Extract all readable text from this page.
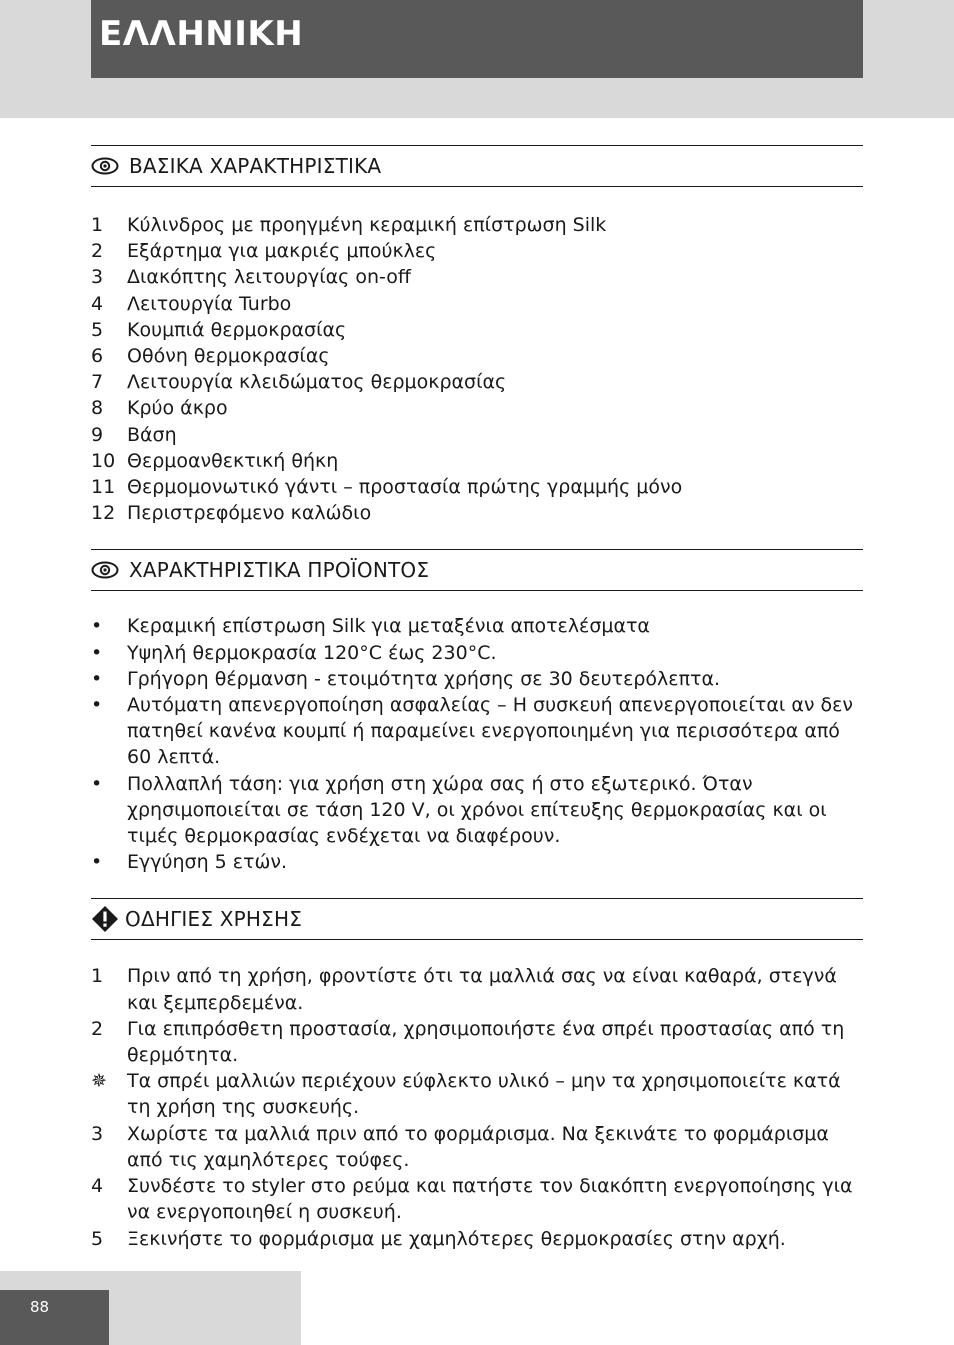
ΕΛΛΗΝΙΚΗ
ΒΑΣΙΚΑ ΧΑΡΑΚΤΗΡΙΣΤΙΚΑ
1	Κύλινδρος με προηγμένη κεραμική επίστρωση Silk
2	Εξάρτημα για μακριές μπούκλες
3	Διακόπτης λειτουργίας on-off
4	Λειτουργία Turbo
5	Κουμπιά θερμοκρασίας
6	Οθόνη θερμοκρασίας
7	Λειτουργία κλειδώματος θερμοκρασίας
8	Κρύο άκρο
9	Βάση
10 Θερμοανθεκτική θήκη
11 Θερμομονωτικό γάντι – προστασία πρώτης γραμμής μόνο
12 Περιστρεφόμενο καλώδιο
ΧΑΡΑΚΤΗΡΙΣΤΙΚΑ ΠΡΟΪΟΝΤΟΣ
•	Κεραμική επίστρωση Silk για μεταξένια αποτελέσματα
•	Υψηλή θερμοκρασία 120°C έως 230°C.
•	Γρήγορη θέρμανση - ετοιμότητα χρήσης σε 30 δευτερόλεπτα.
•	Αυτόματη απενεργοποίηση ασφαλείας – Η συσκευή απενεργοποιείται αν δεν πατηθεί κανένα κουμπί ή παραμείνει ενεργοποιημένη για περισσότερα από 60 λεπτά.
•	Πολλαπλή τάση: για χρήση στη χώρα σας ή στο εξωτερικό. Όταν χρησιμοποιείται σε τάση 120 V, οι χρόνοι επίτευξης θερμοκρασίας και οι τιμές θερμοκρασίας ενδέχεται να διαφέρουν.
•	Εγγύηση 5 ετών.
ΟΔΗΓΙΕΣ ΧΡΗΣΗΣ
1	Πριν από τη χρήση, φροντίστε ότι τα μαλλιά σας να είναι καθαρά, στεγνά και ξεμπερδεμένα.
2	Για επιπρόσθετη προστασία, χρησιμοποιήστε ένα σπρέι προστασίας από τη θερμότητα.
✵	Τα σπρέι μαλλιών περιέχουν εύφλεκτο υλικό – μην τα χρησιμοποιείτε κατά τη χρήση της συσκευής.
3	Χωρίστε τα μαλλιά πριν από το φορμάρισμα. Να ξεκινάτε το φορμάρισμα από τις χαμηλότερες τούφες.
4	Συνδέστε το styler στο ρεύμα και πατήστε τον διακόπτη ενεργοποίησης για να ενεργοποιηθεί η συσκευή.
5	Ξεκινήστε το φορμάρισμα με χαμηλότερες θερμοκρασίες στην αρχή.
88
